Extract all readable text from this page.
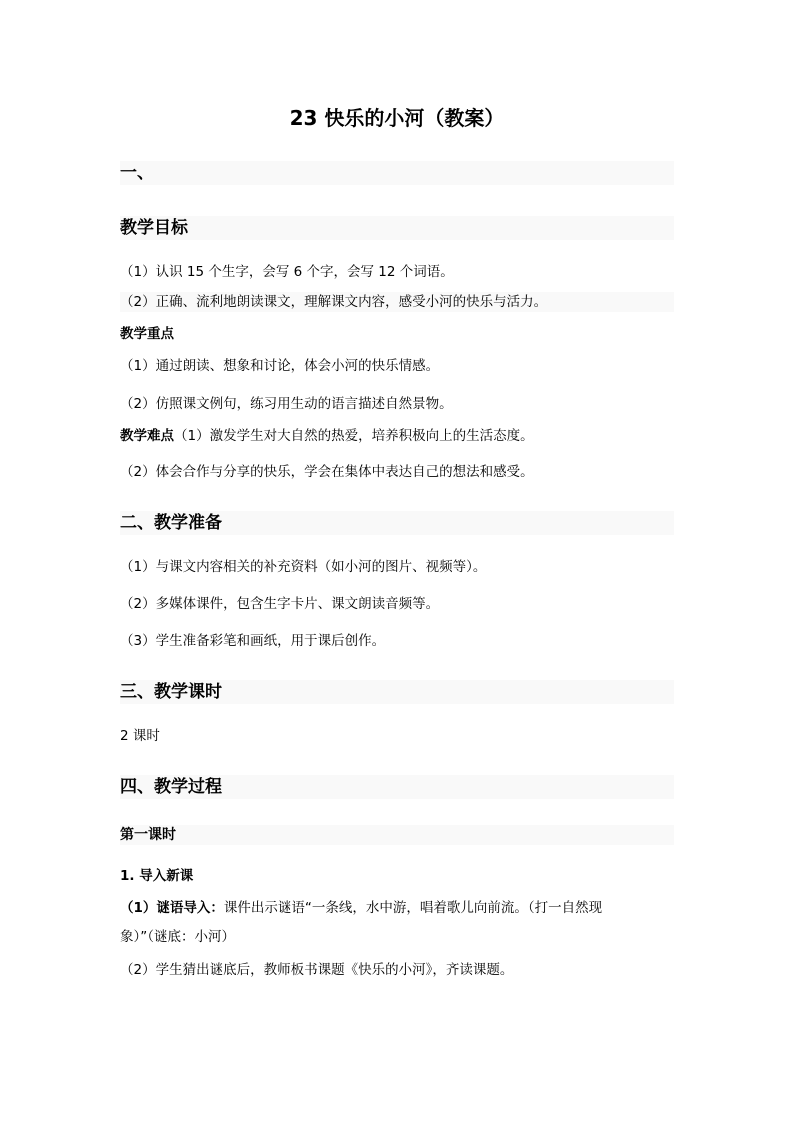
23 快乐的小河（教案）
一、
教学目标
（1）认识 15 个生字，会写 6 个字，会写 12 个词语。
（2）正确、流利地朗读课文，理解课文内容，感受小河的快乐与活力。
教学重点
（1）通过朗读、想象和讨论，体会小河的快乐情感。
（2）仿照课文例句，练习用生动的语言描述自然景物。
教学难点（1）激发学生对大自然的热爱，培养积极向上的生活态度。
（2）体会合作与分享的快乐，学会在集体中表达自己的想法和感受。
二、教学准备
（1）与课文内容相关的补充资料（如小河的图片、视频等）。
（2）多媒体课件，包含生字卡片、课文朗读音频等。
（3）学生准备彩笔和画纸，用于课后创作。
三、教学课时
2 课时
四、教学过程
第一课时
1. 导入新课
（1）谜语导入：课件出示谜语“一条线，水中游，唱着歌儿向前流。（打一自然现
象）”（谜底：小河）
（2）学生猜出谜底后，教师板书课题《快乐的小河》，齐读课题。
